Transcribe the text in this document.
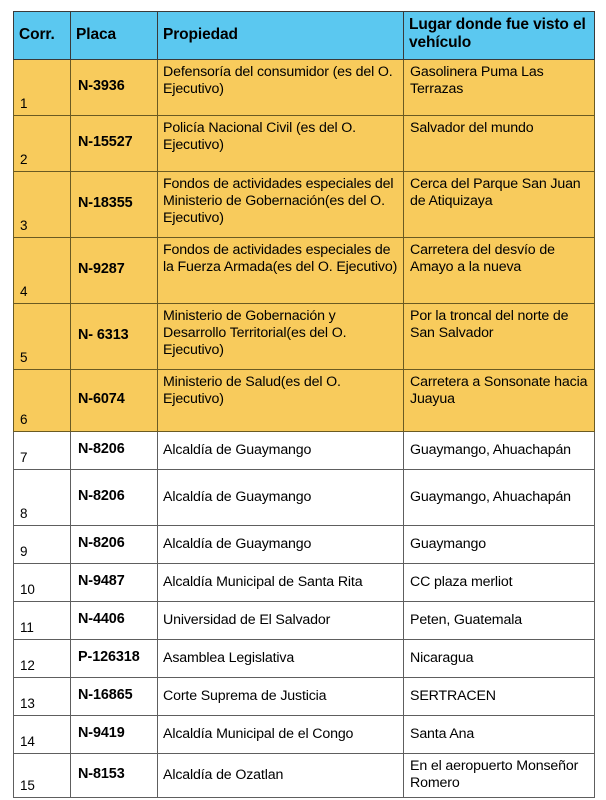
Corr.	Placa	Propiedad	Lugar donde fue visto el vehículo
1	N-3936	Defensoría del consumidor (es del O. Ejecutivo)	Gasolinera Puma Las Terrazas
2	N-15527	Policía Nacional Civil (es del O. Ejecutivo)	Salvador del mundo
3	N-18355	Fondos de actividades especiales del Ministerio de Gobernación(es del O. Ejecutivo)	Cerca del Parque San Juan de Atiquizaya
4	N-9287	Fondos de actividades especiales de la Fuerza Armada(es del O. Ejecutivo)	Carretera del desvío de Amayo a la nueva
5	N- 6313	Ministerio de Gobernación y Desarrollo Territorial(es del O. Ejecutivo)	Por la troncal del norte de San Salvador
6	N-6074	Ministerio de Salud(es del O. Ejecutivo)	Carretera a Sonsonate hacia Juayua
7	N-8206	Alcaldía de Guaymango	Guaymango, Ahuachapán
8	N-8206	Alcaldía de Guaymango	Guaymango, Ahuachapán
9	N-8206	Alcaldía de Guaymango	Guaymango
10	N-9487	Alcaldía Municipal de Santa Rita	CC plaza merliot
11	N-4406	Universidad de El Salvador	Peten, Guatemala
12	P-126318	Asamblea Legislativa	Nicaragua
13	N-16865	Corte Suprema de Justicia	SERTRACEN
14	N-9419	Alcaldía Municipal de el Congo	Santa Ana
15	N-8153	Alcaldía de Ozatlan	En el aeropuerto Monseñor Romero
